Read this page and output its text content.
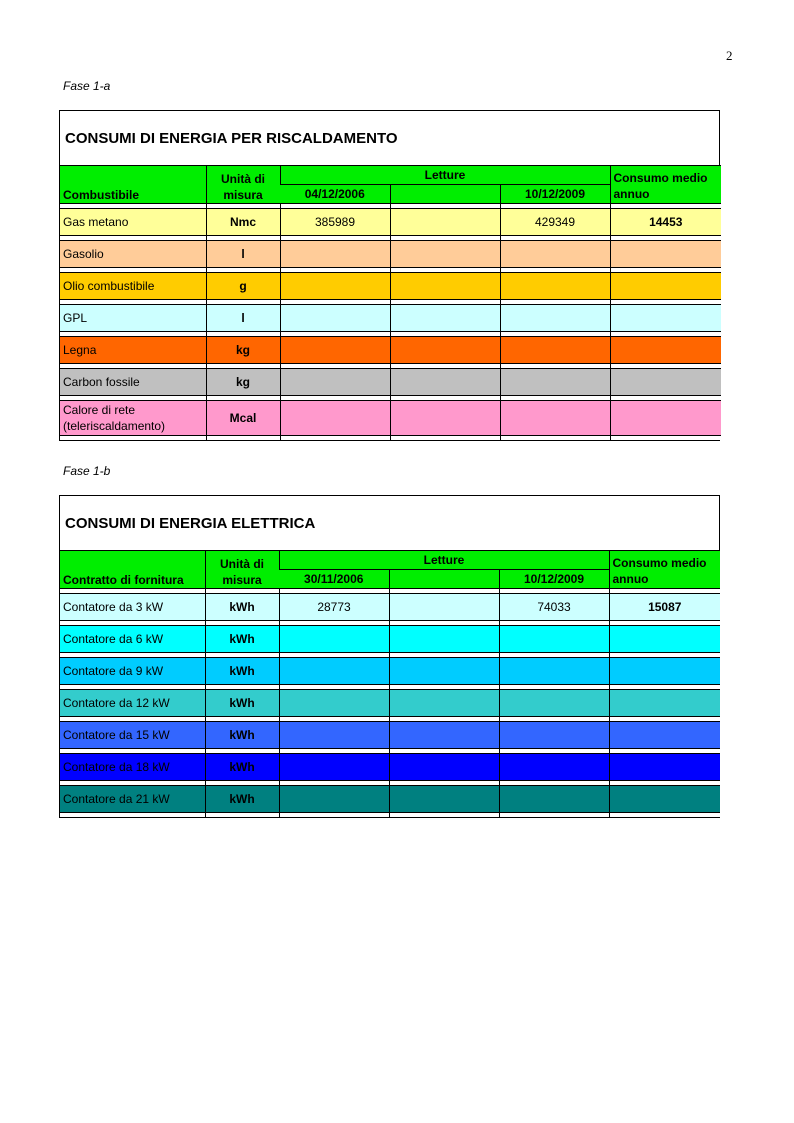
2
Fase 1-a
CONSUMI DI ENERGIA PER RISCALDAMENTO
Combustibile	Unità di misura	Letture			Consumo medio annuo
		04/12/2006		10/12/2009	

Gas metano	Nmc	385989		429349	14453

Gasolio	l				

Olio combustibile	g				

GPL	l				

Legna	kg				

Carbon fossile	kg				

Calore di rete (teleriscaldamento)	Mcal				

Fase 1-b
CONSUMI DI ENERGIA ELETTRICA
Contratto di fornitura	Unità di misura	Letture			Consumo medio annuo
		30/11/2006		10/12/2009	

Contatore da 3 kW	kWh	28773		74033	15087

Contatore da 6 kW	kWh				

Contatore da 9 kW	kWh				

Contatore da 12 kW	kWh				

Contatore da 15 kW	kWh				

Contatore da 18 kW	kWh				

Contatore da 21 kW	kWh				
